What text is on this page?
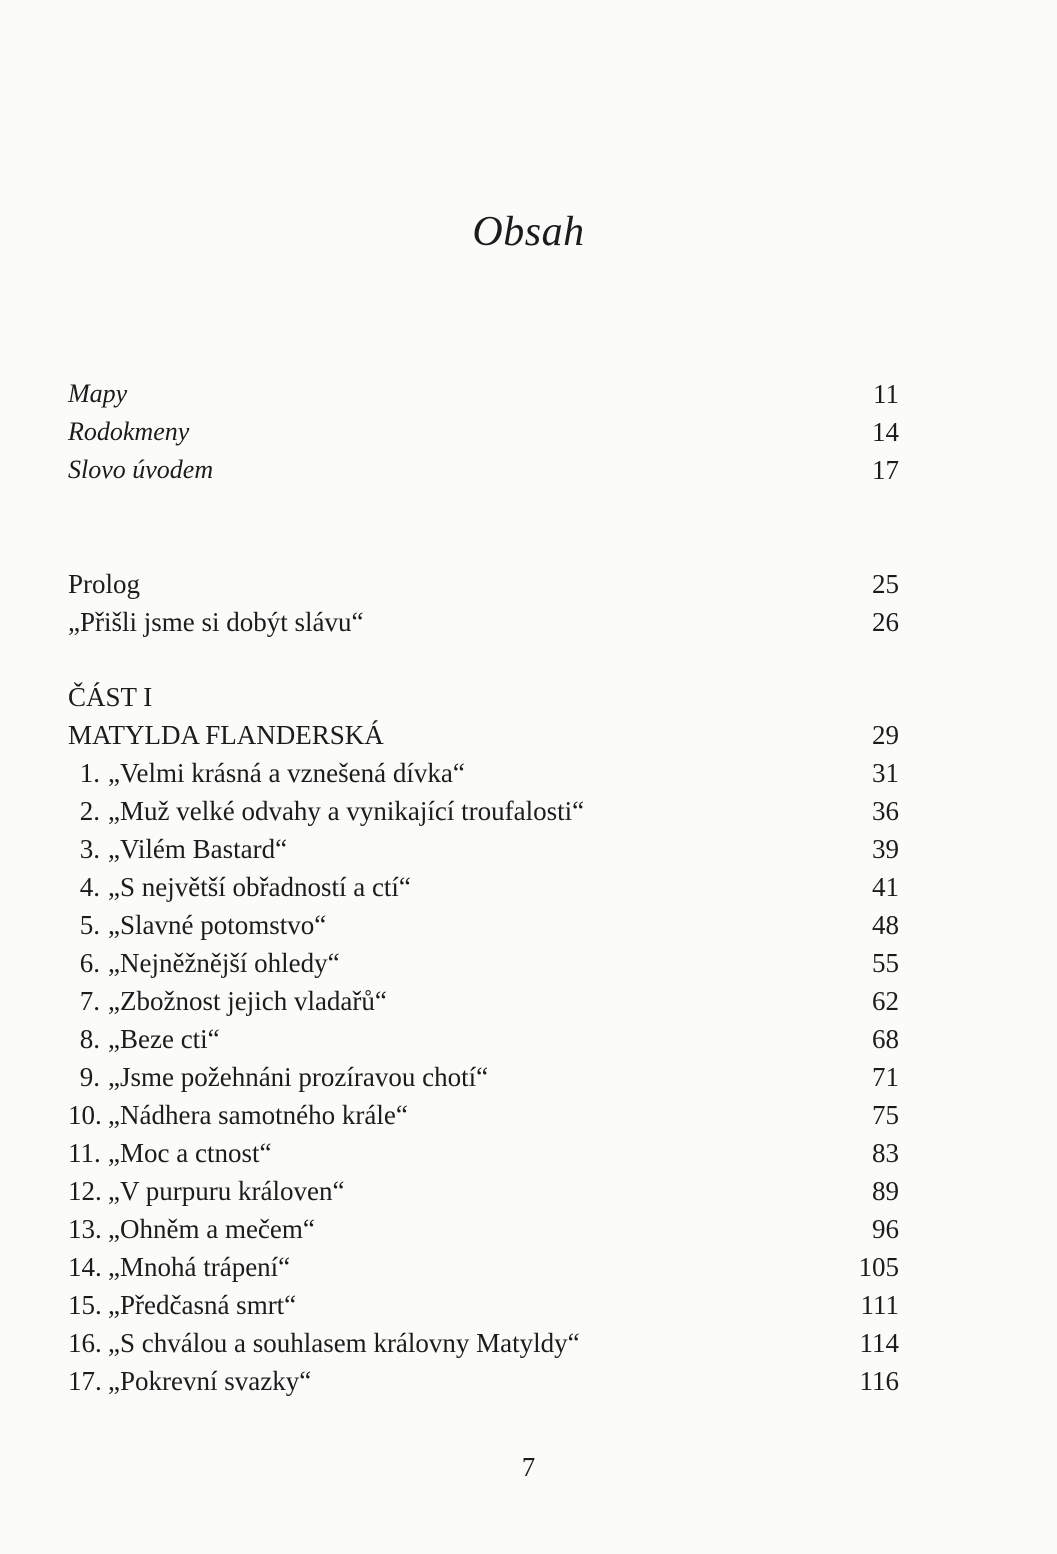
Obsah
Mapy	11
Rodokmeny	14
Slovo úvodem	17
Prolog	25
„Přišli jsme si dobýt slávu“	26
ČÁST I
MATYLDA FLANDERSKÁ	29
1. „Velmi krásná a vznešená dívka“	31
2. „Muž velké odvahy a vynikající troufalosti“	36
3. „Vilém Bastard“	39
4. „S největší obřadností a ctí“	41
5. „Slavné potomstvo“	48
6. „Nejněžnější ohledy“	55
7. „Zbožnost jejich vladařů“	62
8. „Beze cti“	68
9. „Jsme požehnáni prozíravou chotí“	71
10. „Nádhera samotného krále“	75
11. „Moc a ctnost“	83
12. „V purpuru královen“	89
13. „Ohněm a mečem“	96
14. „Mnohá trápení“	105
15. „Předčasná smrt“	111
16. „S chválou a souhlasem královny Matyldy“	114
17. „Pokrevní svazky“	116

7
